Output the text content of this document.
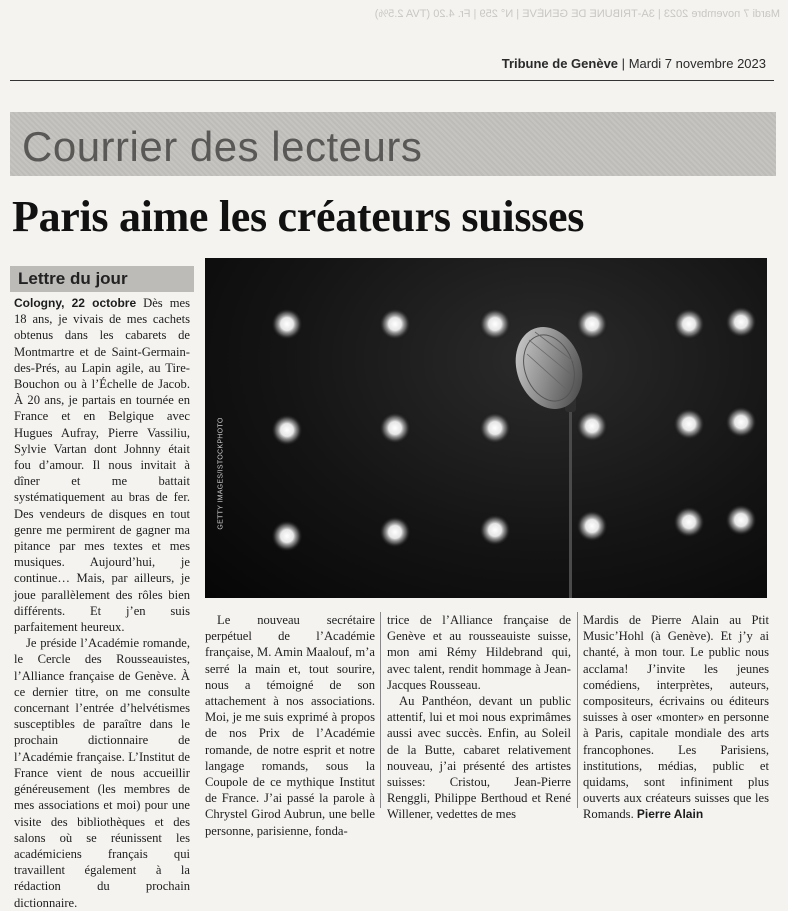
Mardi 7 novembre 2023 | 3A-TRIBUNE DE GENÈVE | N° 259 | Fr. 4.20 (TVA 2.5%)
Tribune de Genève | Mardi 7 novembre 2023
Courrier des lecteurs
Paris aime les créateurs suisses
Lettre du jour

Cologny, 22 octobre Dès mes 18 ans, je vivais de mes cachets obtenus dans les cabarets de Montmartre et de Saint-Germain-des-Prés, au Lapin agile, au Tire-Bouchon ou à l’Échelle de Jacob. À 20 ans, je partais en tournée en France et en Belgique avec Hugues Aufray, Pierre Vassiliu, Sylvie Vartan dont Johnny était fou d’amour. Il nous invitait à dîner et me battait systématiquement au bras de fer. Des vendeurs de disques en tout genre me permirent de gagner ma pitance par mes textes et mes musiques. Aujourd’hui, je continue… Mais, par ailleurs, je joue parallèlement des rôles bien différents. Et j’en suis parfaitement heureux.

Je préside l’Académie romande, le Cercle des Rousseauistes, l’Alliance française de Genève. À ce dernier titre, on me consulte concernant l’entrée d’helvétismes susceptibles de paraître dans le prochain dictionnaire de l’Académie française. L’Institut de France vient de nous accueillir généreusement (les membres de mes associations et moi) pour une visite des bibliothèques et des salons où se réunissent les académiciens français qui travaillent également à la rédaction du prochain dictionnaire.

GETTY IMAGES/ISTOCKPHOTO

Le nouveau secrétaire perpétuel de l’Académie française, M. Amin Maalouf, m’a serré la main et, tout sourire, nous a témoigné de son attachement à nos associations. Moi, je me suis exprimé à propos de nos Prix de l’Académie romande, de notre esprit et notre langage romands, sous la Coupole de ce mythique Institut de France. J’ai passé la parole à Chrystel Girod Aubrun, une belle personne, parisienne, fonda-

trice de l’Alliance française de Genève et au rousseauiste suisse, mon ami Rémy Hildebrand qui, avec talent, rendit hommage à Jean-Jacques Rousseau.

Au Panthéon, devant un public attentif, lui et moi nous exprimâmes aussi avec succès. Enfin, au Soleil de la Butte, cabaret relativement nouveau, j’ai présenté des artistes suisses: Cristou, Jean-Pierre Renggli, Philippe Berthoud et René Willener, vedettes de mes

Mardis de Pierre Alain au Ptit Music’Hohl (à Genève). Et j’y ai chanté, à mon tour. Le public nous acclama! J’invite les jeunes comédiens, interprètes, auteurs, compositeurs, écrivains ou éditeurs suisses à oser «monter» en personne à Paris, capitale mondiale des arts francophones. Les Parisiens, institutions, médias, public et quidams, sont infiniment plus ouverts aux créateurs suisses que les Romands. Pierre Alain
